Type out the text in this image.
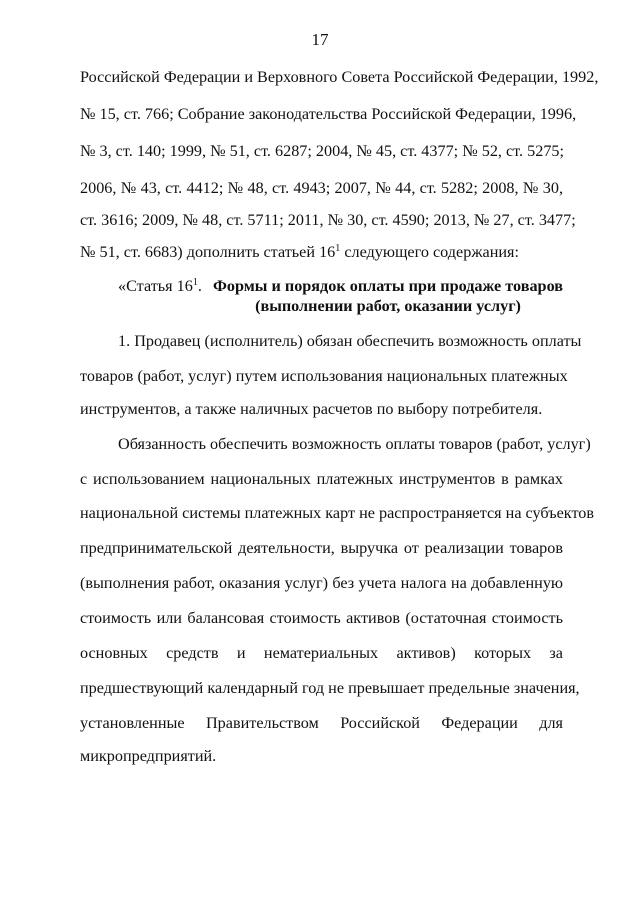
17
Российской Федерации и Верховного Совета Российской Федерации, 1992,
№ 15, ст. 766; Собрание законодательства Российской Федерации, 1996,
№ 3, ст. 140; 1999, № 51, ст. 6287; 2004, № 45, ст. 4377; № 52, ст. 5275;
2006, № 43, ст. 4412; № 48, ст. 4943; 2007, № 44, ст. 5282; 2008, № 30,
ст. 3616; 2009, № 48, ст. 5711; 2011, № 30, ст. 4590; 2013, № 27, ст. 3477;
№ 51, ст. 6683) дополнить статьей $16^1$ следующего содержания:
«Статья $16^1$. Формы и порядок оплаты при продаже товаров
(выполнении работ, оказании услуг)
1. Продавец (исполнитель) обязан обеспечить возможность оплаты
товаров (работ, услуг) путем использования национальных платежных
инструментов, а также наличных расчетов по выбору потребителя.
Обязанность обеспечить возможность оплаты товаров (работ, услуг)
с использованием национальных платежных инструментов в рамках
национальной системы платежных карт не распространяется на субъектов
предпринимательской деятельности, выручка от реализации товаров
(выполнения работ, оказания услуг) без учета налога на добавленную
стоимость или балансовая стоимость активов (остаточная стоимость
основных средств и нематериальных активов) которых за
предшествующий календарный год не превышает предельные значения,
установленные Правительством Российской Федерации для
микропредприятий.
